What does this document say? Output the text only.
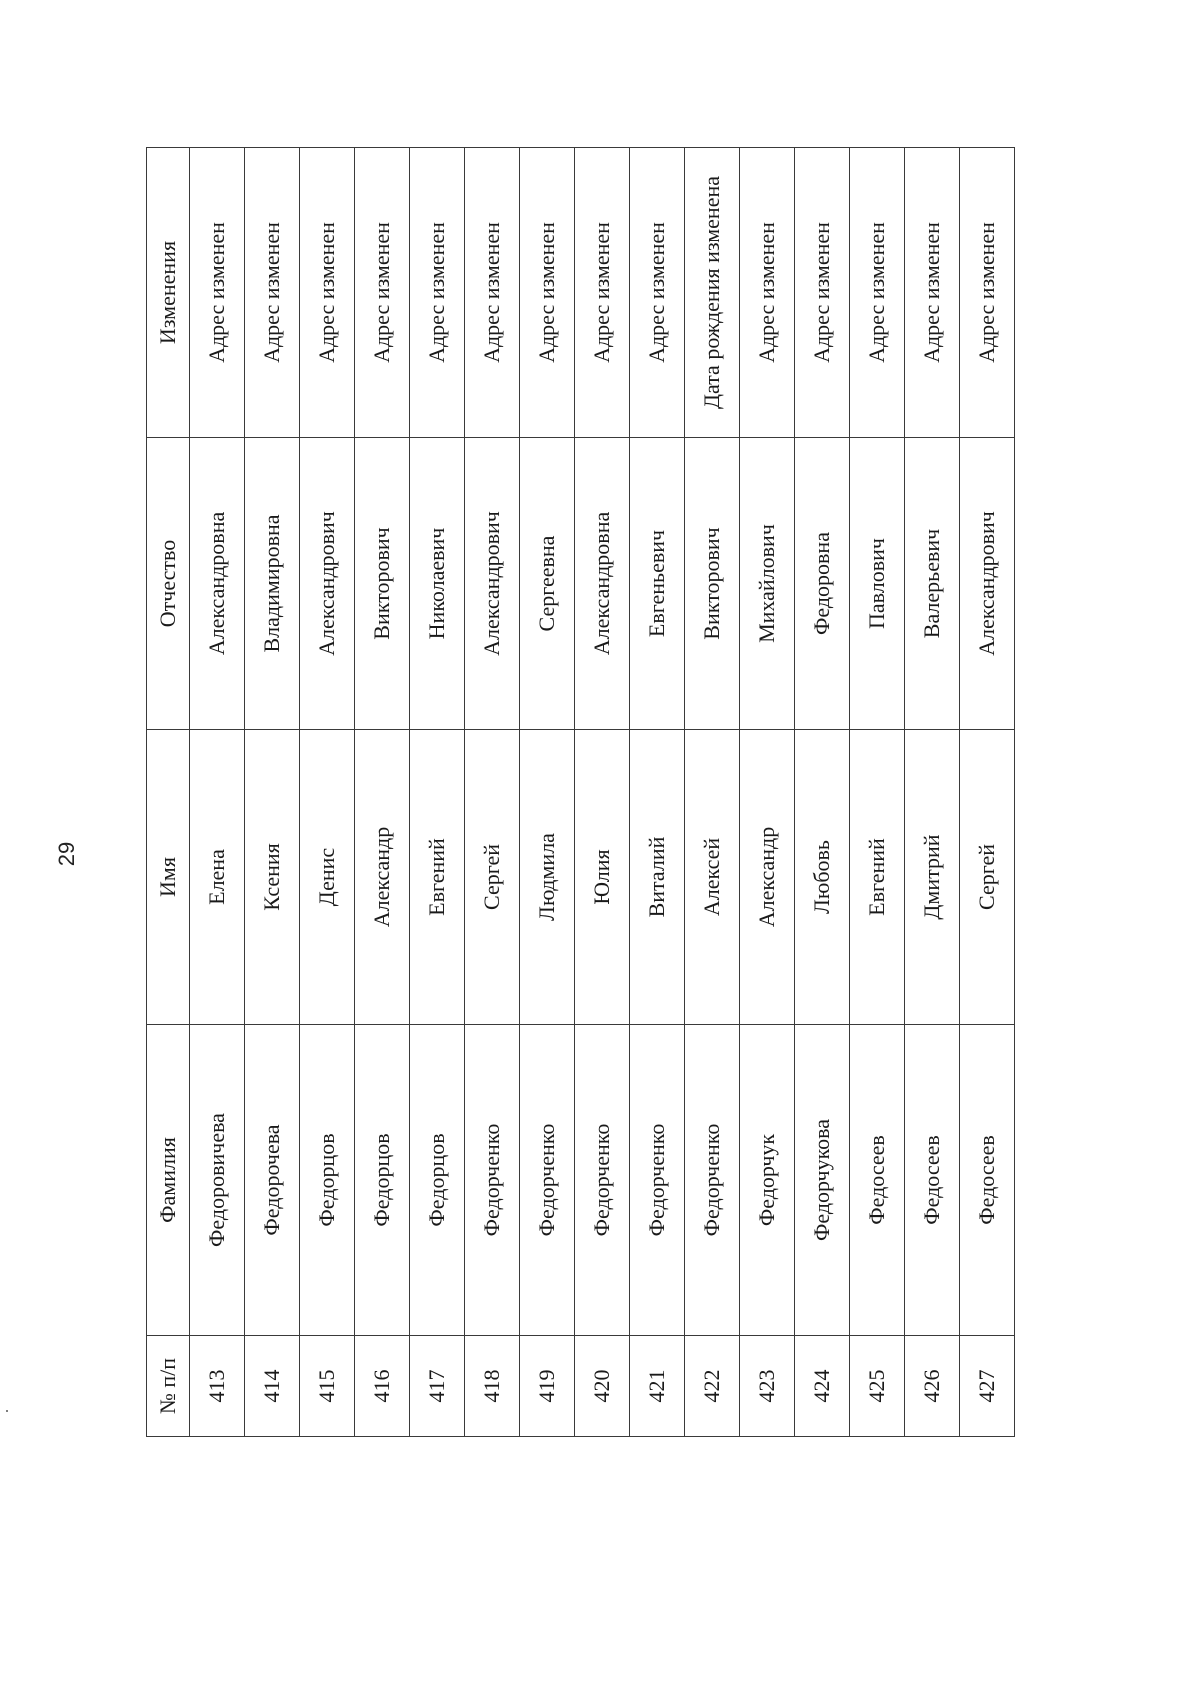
29
№ п/п	Фамилия	Имя	Отчество	Изменения
413	Федоровичева	Елена	Александровна	Адрес изменен
414	Федорочева	Ксения	Владимировна	Адрес изменен
415	Федорцов	Денис	Александрович	Адрес изменен
416	Федорцов	Александр	Викторович	Адрес изменен
417	Федорцов	Евгений	Николаевич	Адрес изменен
418	Федорченко	Сергей	Александрович	Адрес изменен
419	Федорченко	Людмила	Сергеевна	Адрес изменен
420	Федорченко	Юлия	Александровна	Адрес изменен
421	Федорченко	Виталий	Евгеньевич	Адрес изменен
422	Федорченко	Алексей	Викторович	Дата рождения изменена
423	Федорчук	Александр	Михайлович	Адрес изменен
424	Федорчукова	Любовь	Федоровна	Адрес изменен
425	Федосеев	Евгений	Павлович	Адрес изменен
426	Федосеев	Дмитрий	Валерьевич	Адрес изменен
427	Федосеев	Сергей	Александрович	Адрес изменен
